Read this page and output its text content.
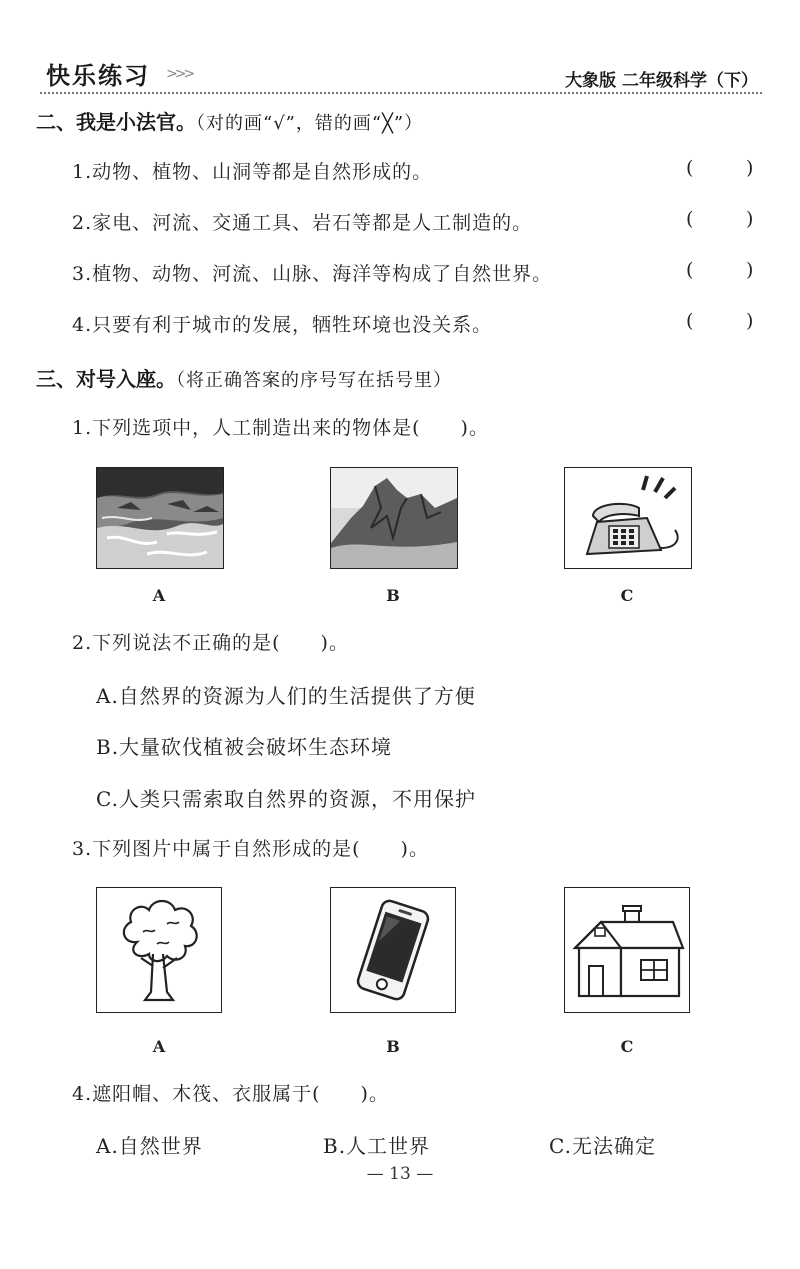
快乐练习 >>>	大象版 二年级科学（下）
二、我是小法官。（对的画“√”，错的画“╳”）
1.动物、植物、山洞等都是自然形成的。	(	)
2.家电、河流、交通工具、岩石等都是人工制造的。	(	)
3.植物、动物、河流、山脉、海洋等构成了自然世界。	(	)
4.只要有利于城市的发展，牺牲环境也没关系。	(	)
三、对号入座。（将正确答案的序号写在括号里）
1.下列选项中，人工制造出来的物体是(　　)。
A	B	C
2.下列说法不正确的是(　　)。
A.自然界的资源为人们的生活提供了方便
B.大量砍伐植被会破坏生态环境
C.人类只需索取自然界的资源，不用保护
3.下列图片中属于自然形成的是(　　)。
A	B	C
4.遮阳帽、木筏、衣服属于(　　)。
A.自然世界	B.人工世界	C.无法确定
— 13 —
